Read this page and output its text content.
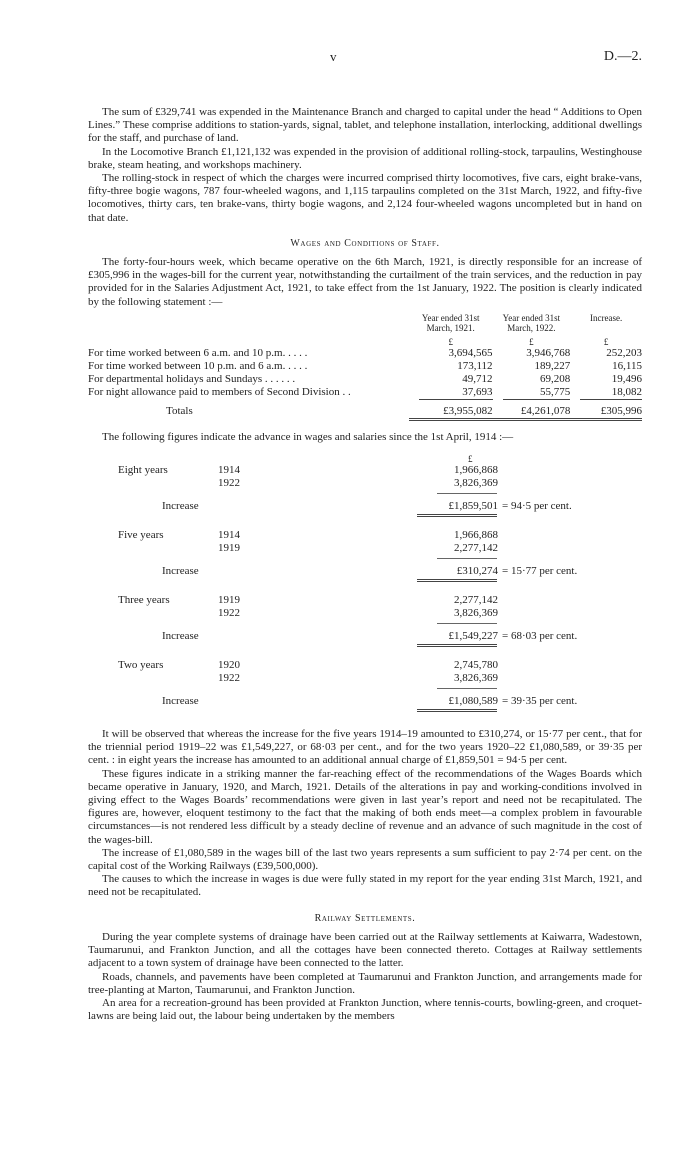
v	D.—2.

The sum of £329,741 was expended in the Maintenance Branch and charged to capital under the head “ Additions to Open Lines.” These comprise additions to station-yards, signal, tablet, and telephone installation, interlocking, additional dwellings for the staff, and purchase of land.

In the Locomotive Branch £1,121,132 was expended in the provision of additional rolling-stock, tarpaulins, Westinghouse brake, steam heating, and workshops machinery.

The rolling-stock in respect of which the charges were incurred comprised thirty locomotives, five cars, eight brake-vans, fifty-three bogie wagons, 787 four-wheeled wagons, and 1,115 tarpaulins completed on the 31st March, 1922, and fifty-five locomotives, thirty cars, ten brake-vans, thirty bogie wagons, and 2,124 four-wheeled wagons uncompleted but in hand on that date.

Wages and Conditions of Staff.

The forty-four-hours week, which became operative on the 6th March, 1921, is directly responsible for an increase of £305,996 in the wages-bill for the current year, notwithstanding the curtailment of the train services, and the reduction in pay provided for in the Salaries Adjustment Act, 1921, to take effect from the 1st January, 1922. The position is clearly indicated by the following statement :—

Year ended 31st March, 1921.
Year ended 31st March, 1922.
Increase.
£	£	£
For time worked between 6 a.m. and 10 p.m. . . . .	3,694,565	3,946,768	252,203
For time worked between 10 p.m. and 6 a.m. . . . .	173,112	189,227	16,115
For departmental holidays and Sundays . . . . . .	49,712	69,208	19,496
For night allowance paid to members of Second Division . .	37,693	55,775	18,082
Totals	£3,955,082	£4,261,078	£305,996

The following figures indicate the advance in wages and salaries since the 1st April, 1914 :—

£
Eight years	1914	1,966,868
1922	3,826,369
Increase	£1,859,501 = 94·5 per cent.
Five years	1914	1,966,868
1919	2,277,142
Increase	£310,274 = 15·77 per cent.
Three years	1919	2,277,142
1922	3,826,369
Increase	£1,549,227 = 68·03 per cent.
Two years	1920	2,745,780
1922	3,826,369
Increase	£1,080,589 = 39·35 per cent.

It will be observed that whereas the increase for the five years 1914–19 amounted to £310,274, or 15·77 per cent., that for the triennial period 1919–22 was £1,549,227, or 68·03 per cent., and for the two years 1920–22 £1,080,589, or 39·35 per cent. : in eight years the increase has amounted to an additional annual charge of £1,859,501 = 94·5 per cent.

These figures indicate in a striking manner the far-reaching effect of the recommendations of the Wages Boards which became operative in January, 1920, and March, 1921. Details of the alterations in pay and working-conditions involved in giving effect to the Wages Boards’ recommendations were given in last year’s report and need not be recapitulated. The figures are, however, eloquent testimony to the fact that the making of both ends meet—a complex problem in favourable circumstances—is not rendered less difficult by a steady decline of revenue and an advance of such magnitude in the cost of the wages-bill.

The increase of £1,080,589 in the wages bill of the last two years represents a sum sufficient to pay 2·74 per cent. on the capital cost of the Working Railways (£39,500,000).

The causes to which the increase in wages is due were fully stated in my report for the year ending 31st March, 1921, and need not be recapitulated.

Railway Settlements.

During the year complete systems of drainage have been carried out at the Railway settlements at Kaiwarra, Wadestown, Taumarunui, and Frankton Junction, and all the cottages have been connected thereto. Cottages at Railway settlements adjacent to a town system of drainage have been connected to the latter.

Roads, channels, and pavements have been completed at Taumarunui and Frankton Junction, and arrangements made for tree-planting at Marton, Taumarunui, and Frankton Junction.

An area for a recreation-ground has been provided at Frankton Junction, where tennis-courts, bowling-green, and croquet-lawns are being laid out, the labour being undertaken by the members
